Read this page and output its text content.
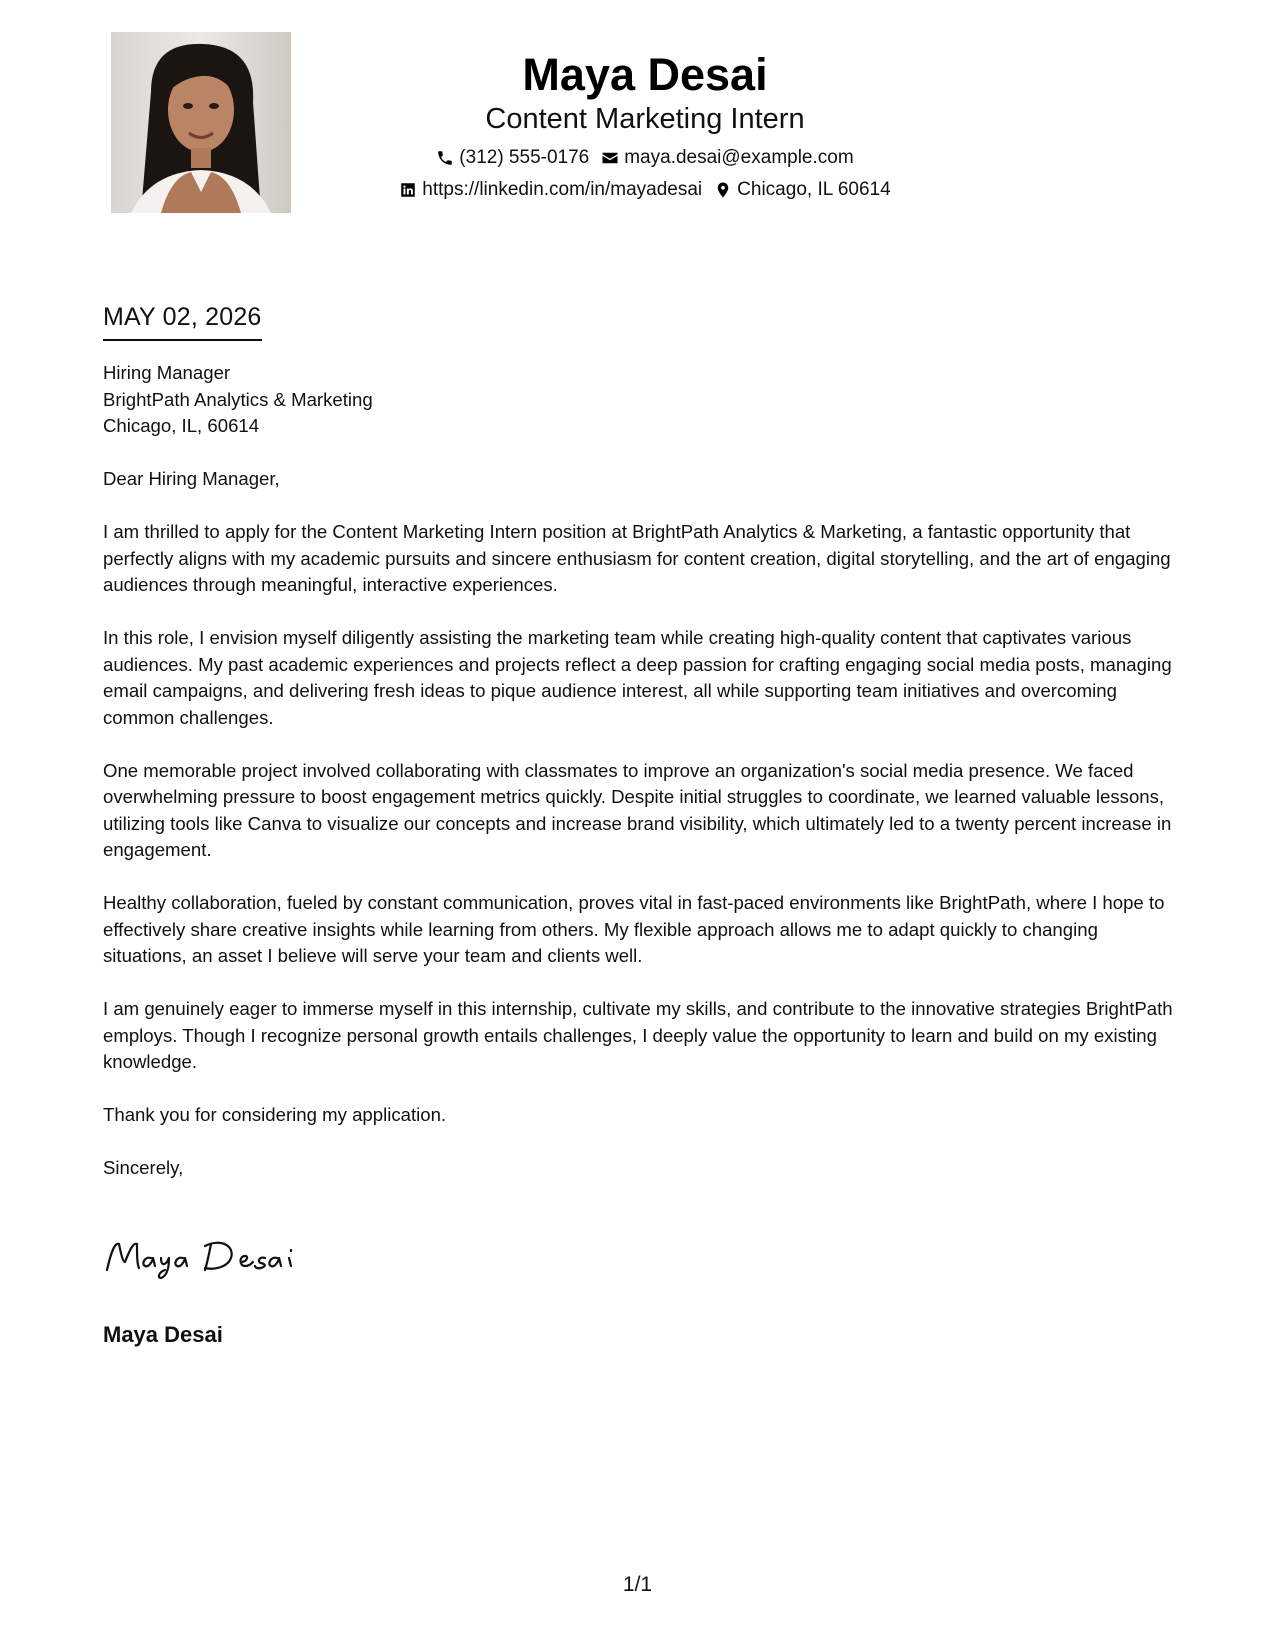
Maya Desai
Content Marketing Intern
(312) 555-0176 maya.desai@example.com
https://linkedin.com/in/mayadesai Chicago, IL 60614
MAY 02, 2026
Hiring Manager
BrightPath Analytics & Marketing
Chicago, IL, 60614

Dear Hiring Manager,

I am thrilled to apply for the Content Marketing Intern position at BrightPath Analytics & Marketing, a fantastic opportunity that perfectly aligns with my academic pursuits and sincere enthusiasm for content creation, digital storytelling, and the art of engaging audiences through meaningful, interactive experiences.

In this role, I envision myself diligently assisting the marketing team while creating high-quality content that captivates various audiences. My past academic experiences and projects reflect a deep passion for crafting engaging social media posts, managing email campaigns, and delivering fresh ideas to pique audience interest, all while supporting team initiatives and overcoming common challenges.

One memorable project involved collaborating with classmates to improve an organization's social media presence. We faced overwhelming pressure to boost engagement metrics quickly. Despite initial struggles to coordinate, we learned valuable lessons, utilizing tools like Canva to visualize our concepts and increase brand visibility, which ultimately led to a twenty percent increase in engagement.

Healthy collaboration, fueled by constant communication, proves vital in fast-paced environments like BrightPath, where I hope to effectively share creative insights while learning from others. My flexible approach allows me to adapt quickly to changing situations, an asset I believe will serve your team and clients well.

I am genuinely eager to immerse myself in this internship, cultivate my skills, and contribute to the innovative strategies BrightPath employs. Though I recognize personal growth entails challenges, I deeply value the opportunity to learn and build on my existing knowledge.

Thank you for considering my application.

Sincerely,

Maya Desai
1/1
